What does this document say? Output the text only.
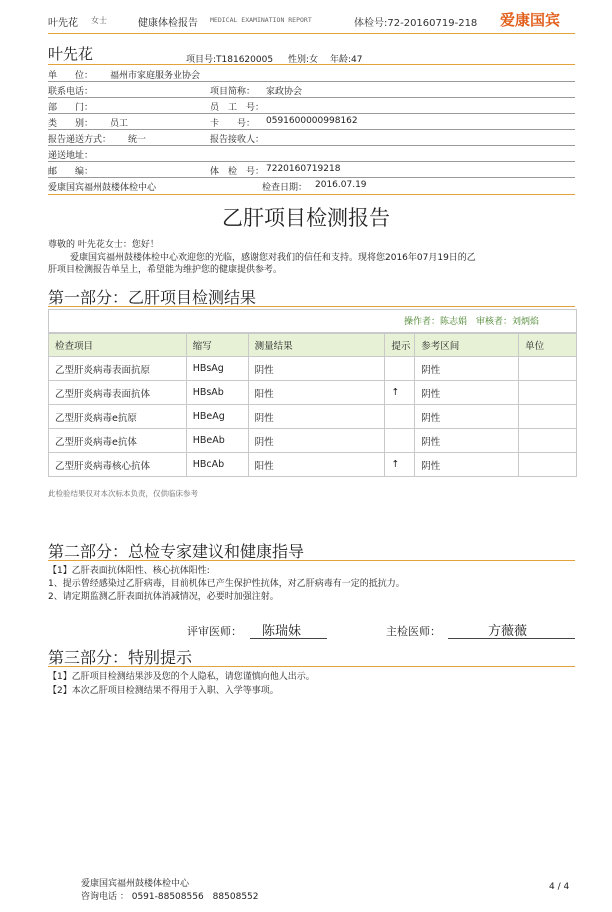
叶先花 女士	健康体检报告 MEDICAL EXAMINATION REPORT	体检号:72-20160719-218 爱康国宾
叶先花	项目号:T181620005 性别:女 年龄:47
单　　位： 福州市家庭服务业协会
联系电话：	项目简称： 家政协会
部　　门：	员　工　号：
类　　别： 员工	卡　　号： 0591600000998162
报告递送方式： 统一	报告接收人：
递送地址：
邮　　编：	体　检　号： 7220160719218
爱康国宾福州鼓楼体检中心	检查日期： 2016.07.19
乙肝项目检测报告
尊敬的 叶先花女士：您好！
爱康国宾福州鼓楼体检中心欢迎您的光临，感谢您对我们的信任和支持。现将您2016年07月19日的乙
肝项目检测报告单呈上，希望能为维护您的健康提供参考。
第一部分：乙肝项目检测结果
操作者：陈志娟　审核者：刘炳焰
检查项目	缩写	测量结果	提示	参考区间	单位
乙型肝炎病毒表面抗原	HBsAg	阴性		阴性	
乙型肝炎病毒表面抗体	HBsAb	阳性	↑	阴性	
乙型肝炎病毒e抗原	HBeAg	阴性		阴性	
乙型肝炎病毒e抗体	HBeAb	阴性		阴性	
乙型肝炎病毒核心抗体	HBcAb	阳性	↑	阴性	
此检验结果仅对本次标本负责，仅供临床参考
第二部分：总检专家建议和健康指导
【1】乙肝表面抗体阳性、核心抗体阳性:
1、提示曾经感染过乙肝病毒，目前机体已产生保护性抗体，对乙肝病毒有一定的抵抗力。
2、请定期监测乙肝表面抗体消减情况，必要时加强注射。
评审医师： 陈瑞妹	主检医师：	方薇薇
第三部分：特别提示
【1】乙肝项目检测结果涉及您的个人隐私，请您谨慎向他人出示。
【2】本次乙肝项目检测结果不得用于入职、入学等事项。
爱康国宾福州鼓楼体检中心
咨询电话 ： 0591-88508556　88508552
4 / 4
